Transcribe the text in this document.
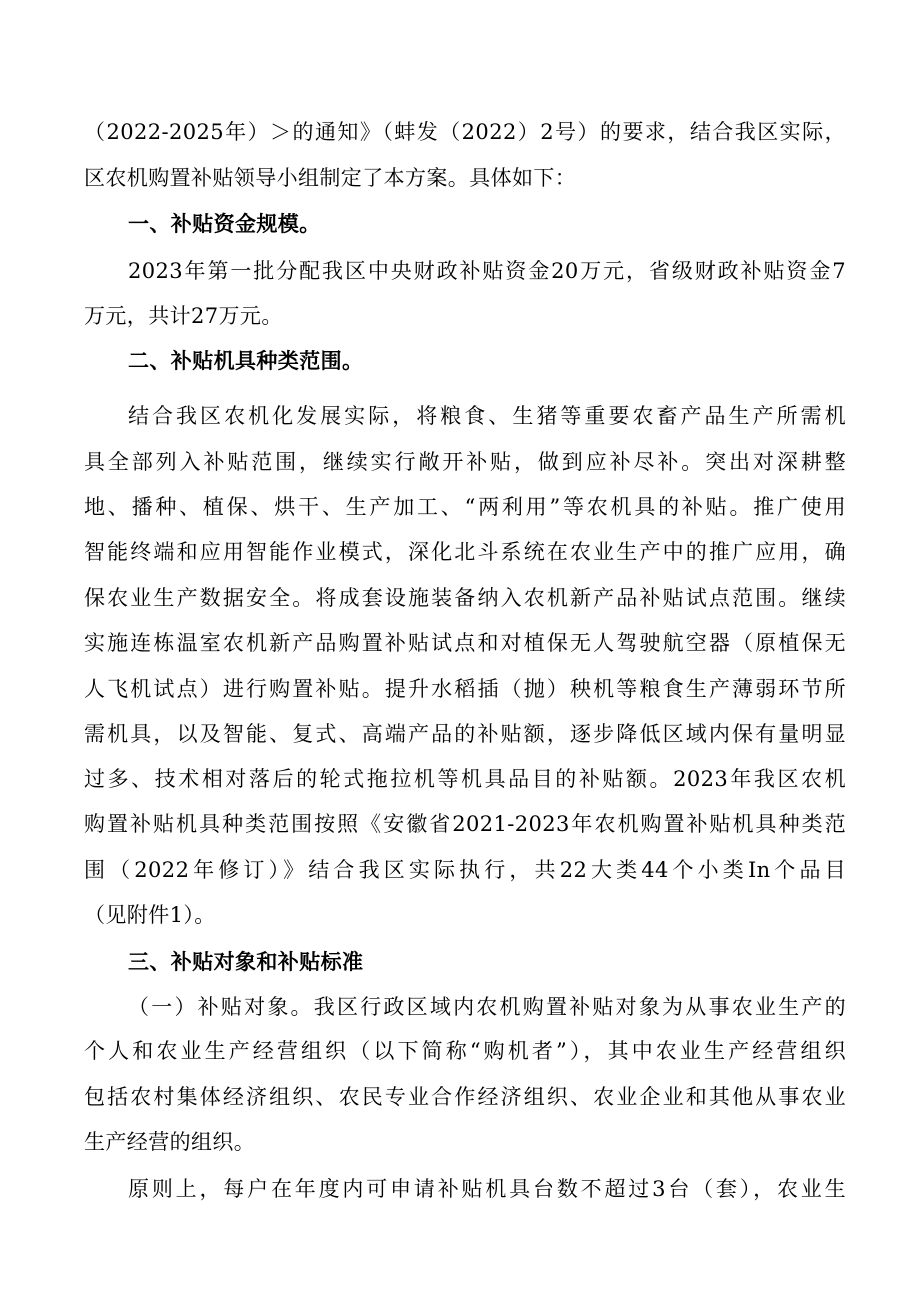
（2022-2025年）＞的通知》（蚌发（2022）2号）的要求，结合我区实际，
区农机购置补贴领导小组制定了本方案。具体如下：
一、补贴资金规模。
2023年第一批分配我区中央财政补贴资金20万元，省级财政补贴资金7
万元，共计27万元。
二、补贴机具种类范围。
结合我区农机化发展实际，将粮食、生猪等重要农畜产品生产所需机
具全部列入补贴范围，继续实行敞开补贴，做到应补尽补。突出对深耕整
地、播种、植保、烘干、生产加工、“两利用”等农机具的补贴。推广使用
智能终端和应用智能作业模式，深化北斗系统在农业生产中的推广应用，确
保农业生产数据安全。将成套设施装备纳入农机新产品补贴试点范围。继续
实施连栋温室农机新产品购置补贴试点和对植保无人驾驶航空器（原植保无
人飞机试点）进行购置补贴。提升水稻插（抛）秧机等粮食生产薄弱环节所
需机具，以及智能、复式、高端产品的补贴额，逐步降低区域内保有量明显
过多、技术相对落后的轮式拖拉机等机具品目的补贴额。2023年我区农机
购置补贴机具种类范围按照《安徽省2021-2023年农机购置补贴机具种类范
围（2022年修订）》结合我区实际执行，共22大类44个小类In个品目
（见附件1）。
三、补贴对象和补贴标准
（一）补贴对象。我区行政区域内农机购置补贴对象为从事农业生产的
个人和农业生产经营组织（以下简称“购机者”），其中农业生产经营组织
包括农村集体经济组织、农民专业合作经济组织、农业企业和其他从事农业
生产经营的组织。
原则上，每户在年度内可申请补贴机具台数不超过3台（套），农业生
